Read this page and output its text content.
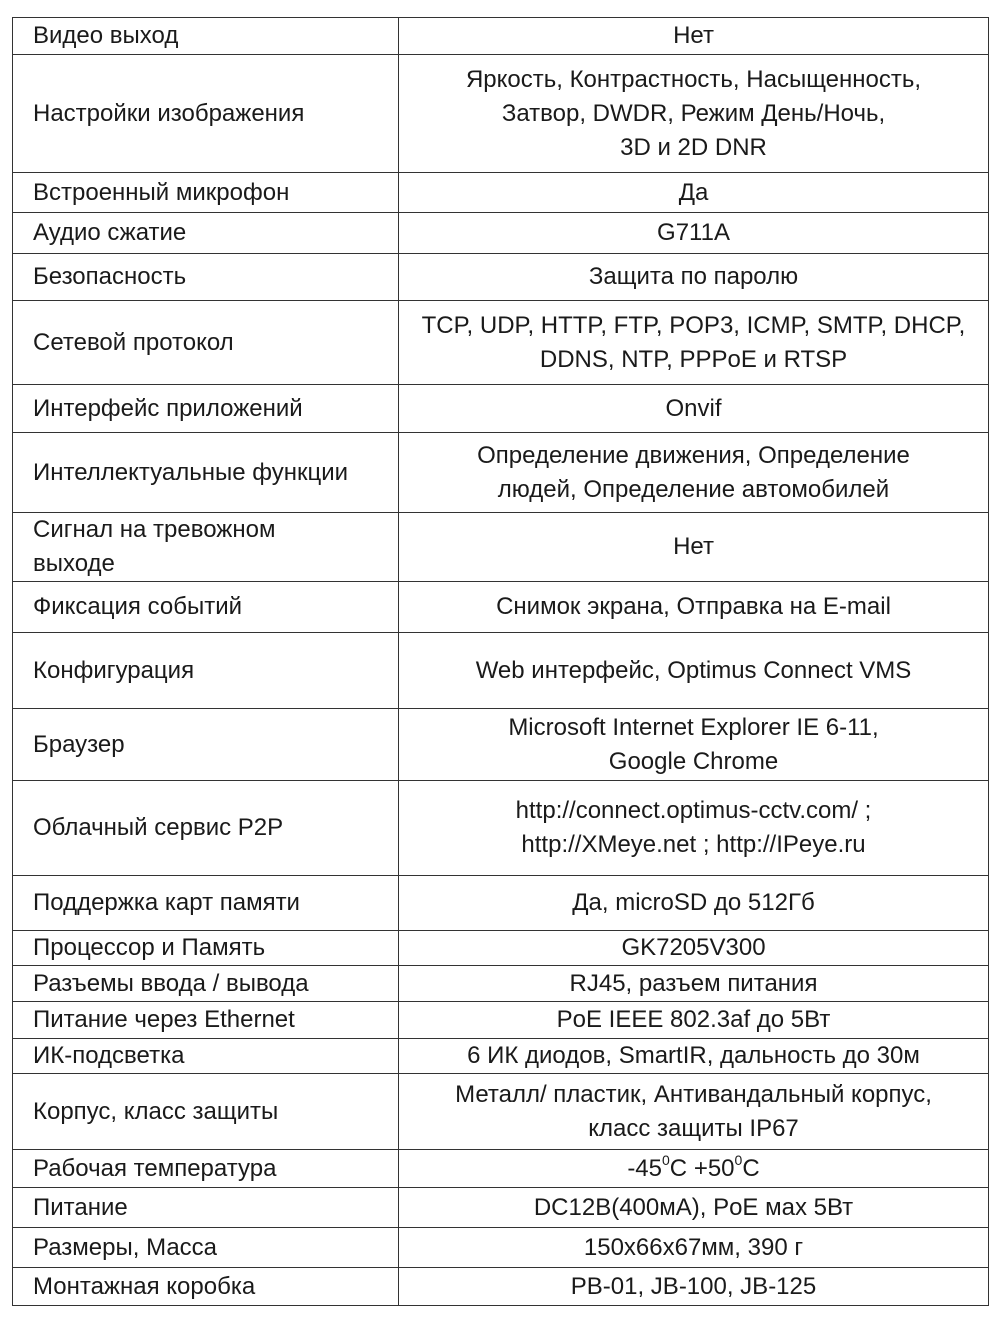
Видео выход	Нет
Настройки изображения	Яркость, Контрастность, Насыщенность,
Затвор, DWDR, Режим День/Ночь,
3D и 2D DNR
Встроенный микрофон	Да
Аудио сжатие	G711A
Безопасность	Защита по паролю
Сетевой протокол	TCP, UDP, HTTP, FTP, POP3, ICMP, SMTP, DHCP,
DDNS, NTP, PPPoE и RTSP
Интерфейс приложений	Onvif
Интеллектуальные функции	Определение движения, Определение
людей, Определение автомобилей
Сигнал на тревожном
выходе	Нет
Фиксация событий	Снимок экрана, Отправка на E-mail
Конфигурация	Web интерфейс, Optimus Connect VMS
Браузер	Microsoft Internet Explorer IE 6-11,
Google Chrome
Облачный сервис P2P	http://connect.optimus-cctv.com/ ;
http://XMeye.net ; http://IPeye.ru
Поддержка карт памяти	Да, microSD до 512Гб
Процессор и Память	GK7205V300
Разъемы ввода / вывода	RJ45, разъем питания
Питание через Ethernet	PoE IEEE 802.3af до 5Вт
ИК-подсветка	6 ИК диодов, SmartIR, дальность до 30м
Корпус, класс защиты	Металл/ пластик, Антивандальный корпус,
класс защиты IP67
Рабочая температура	$-45^0C +50^0C$
Питание	DC12В(400мА), PoE мах 5Вт
Размеры, Масса	150х66х67мм, 390 г
Монтажная коробка	PB-01, JB-100, JB-125
